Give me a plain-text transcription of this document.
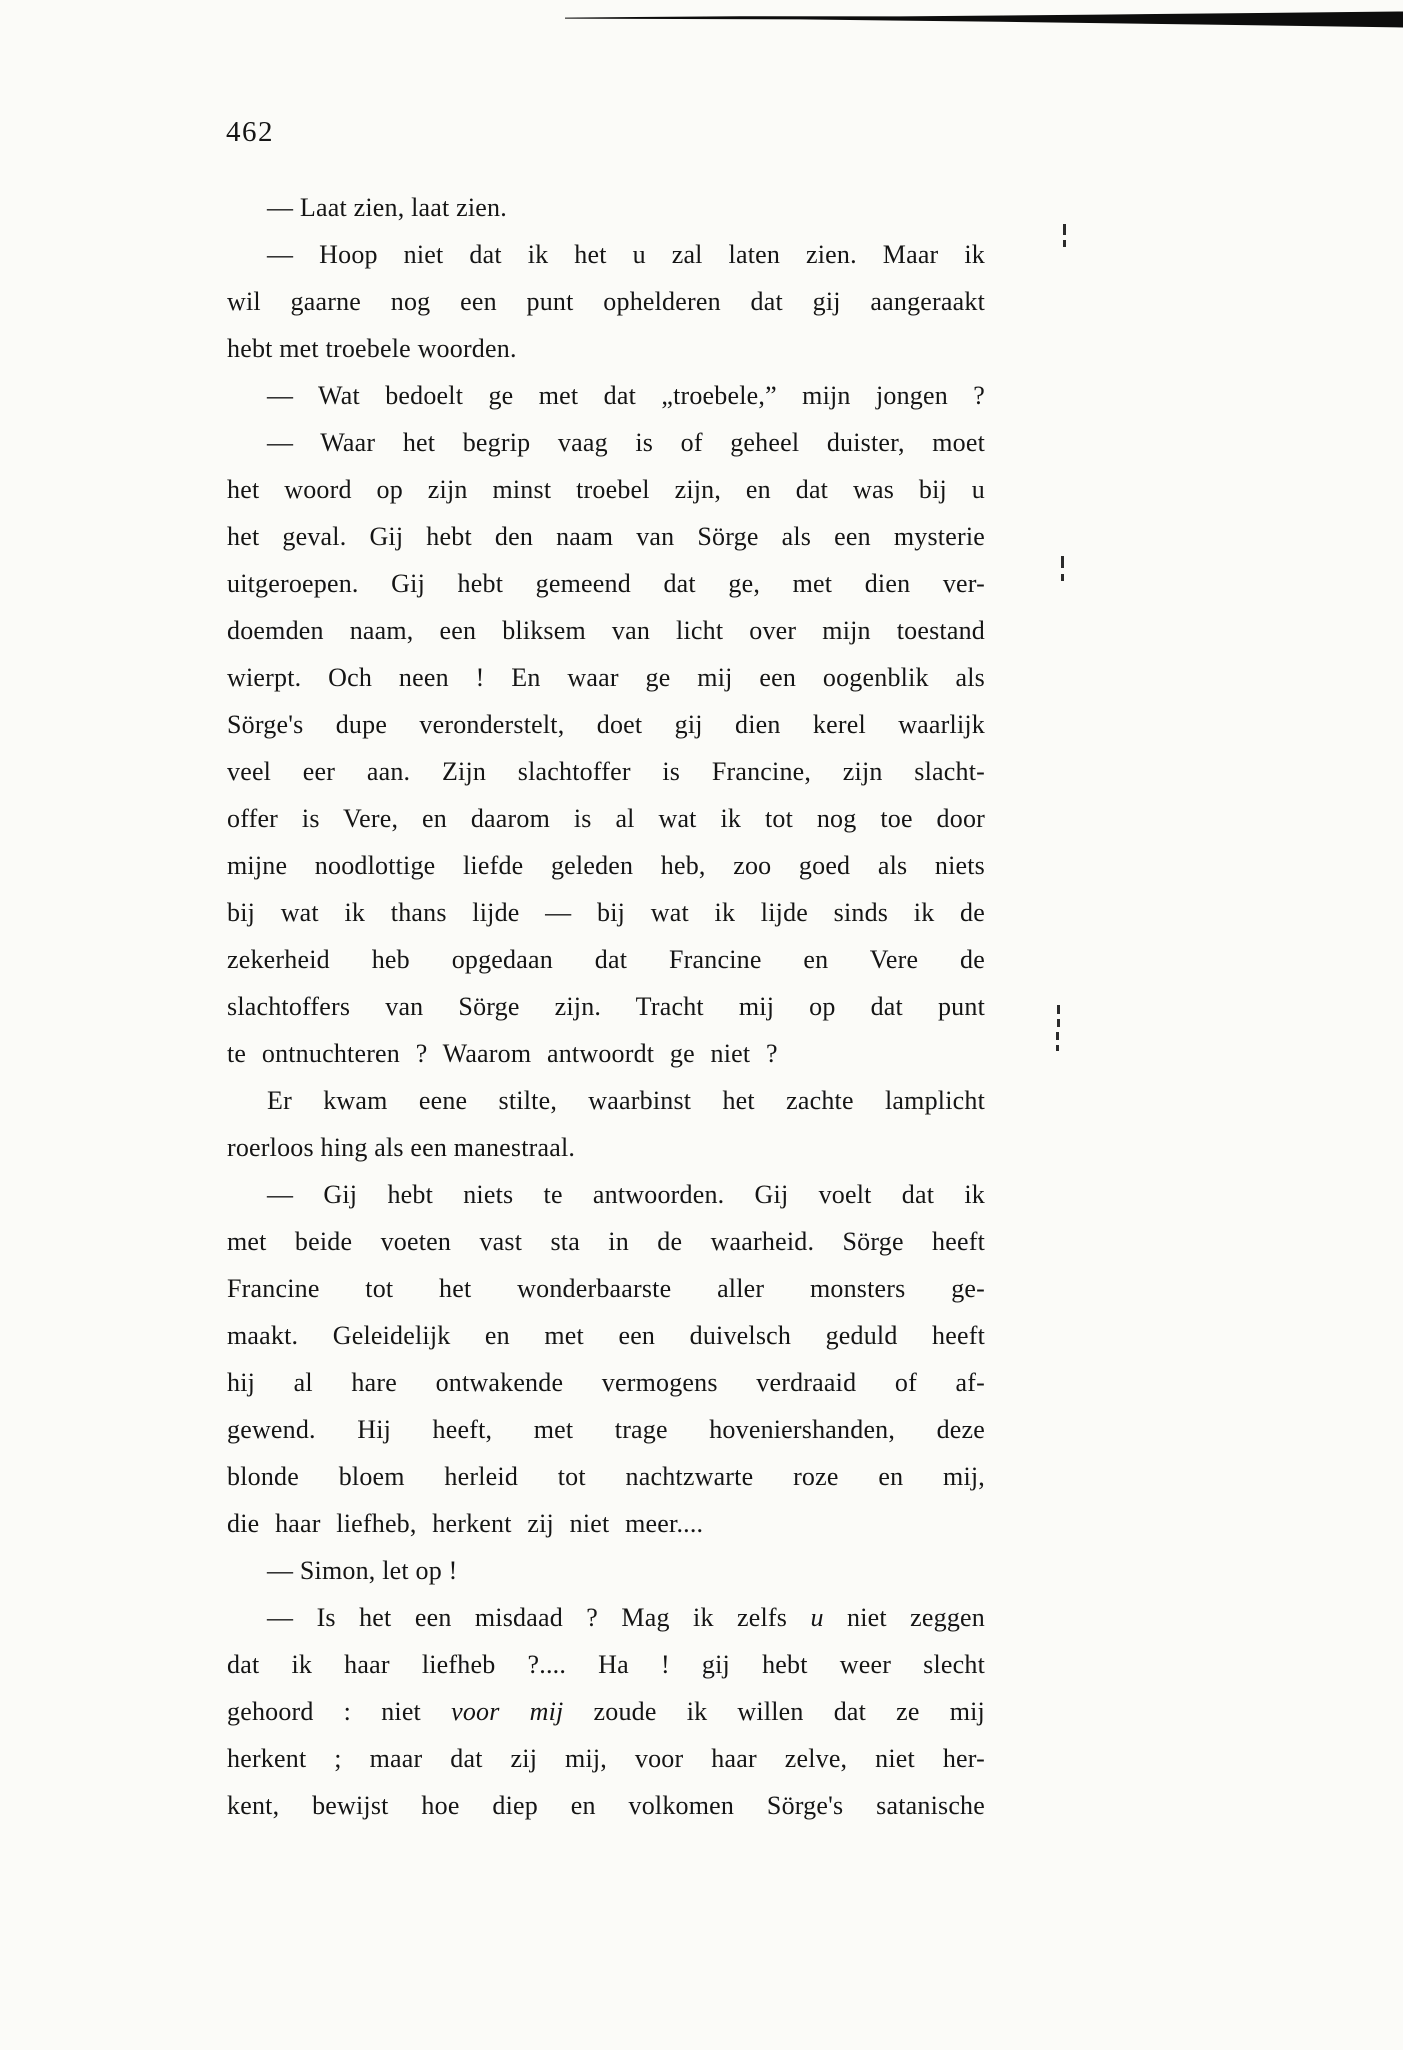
462
— Laat zien, laat zien.
— Hoop niet dat ik het u zal laten zien. Maar ik
wil gaarne nog een punt ophelderen dat gij aangeraakt
hebt met troebele woorden.
— Wat bedoelt ge met dat „troebele,” mijn jongen ?
— Waar het begrip vaag is of geheel duister, moet
het woord op zijn minst troebel zijn, en dat was bij u
het geval. Gij hebt den naam van Sörge als een mysterie
uitgeroepen. Gij hebt gemeend dat ge, met dien ver-
doemden naam, een bliksem van licht over mijn toestand
wierpt. Och neen ! En waar ge mij een oogenblik als
Sörge's dupe veronderstelt, doet gij dien kerel waarlijk
veel eer aan. Zijn slachtoffer is Francine, zijn slacht-
offer is Vere, en daarom is al wat ik tot nog toe door
mijne noodlottige liefde geleden heb, zoo goed als niets
bij wat ik thans lijde — bij wat ik lijde sinds ik de
zekerheid heb opgedaan dat Francine en Vere de
slachtoffers van Sörge zijn. Tracht mij op dat punt
te ontnuchteren ? Waarom antwoordt ge niet ?
Er kwam eene stilte, waarbinst het zachte lamplicht
roerloos hing als een manestraal.
— Gij hebt niets te antwoorden. Gij voelt dat ik
met beide voeten vast sta in de waarheid. Sörge heeft
Francine tot het wonderbaarste aller monsters ge-
maakt. Geleidelijk en met een duivelsch geduld heeft
hij al hare ontwakende vermogens verdraaid of af-
gewend. Hij heeft, met trage hoveniershanden, deze
blonde bloem herleid tot nachtzwarte roze en mij,
die haar liefheb, herkent zij niet meer....
— Simon, let op !
— Is het een misdaad ? Mag ik zelfs u niet zeggen
dat ik haar liefheb ?.... Ha ! gij hebt weer slecht
gehoord : niet voor mij zoude ik willen dat ze mij
herkent ; maar dat zij mij, voor haar zelve, niet her-
kent, bewijst hoe diep en volkomen Sörge's satanische
